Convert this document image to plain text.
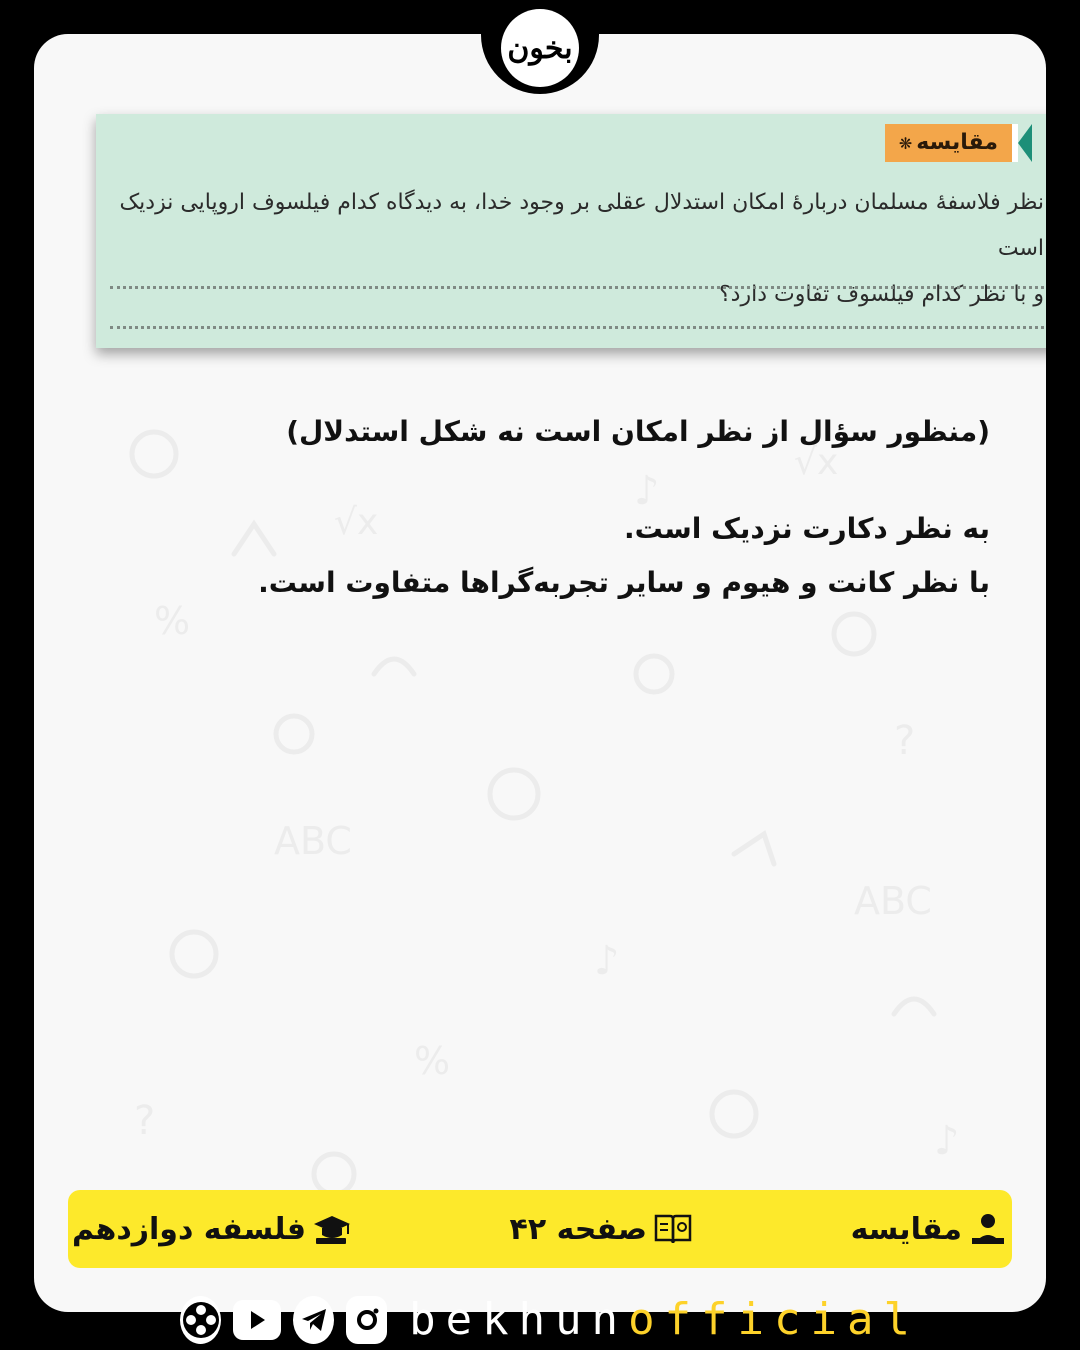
♪
%
?
ABC
♪
%
?
√x
√x
ABC
♪
مقایسه❋
نظر فلاسفهٔ مسلمان دربارهٔ امکان استدلال عقلی بر وجود خدا، به دیدگاه کدام فیلسوف اروپایی نزدیک است
و با نظر کدام فیلسوف تفاوت دارد؟
(منظور سؤال از نظر امکان است نه شکل استدلال)
به نظر دکارت نزدیک است.
با نظر کانت و هیوم و سایر تجربه‌گراها متفاوت است.
بخون
مقایسه
صفحه ۴۲
فلسفه دوازدهم
bekhunofficial
